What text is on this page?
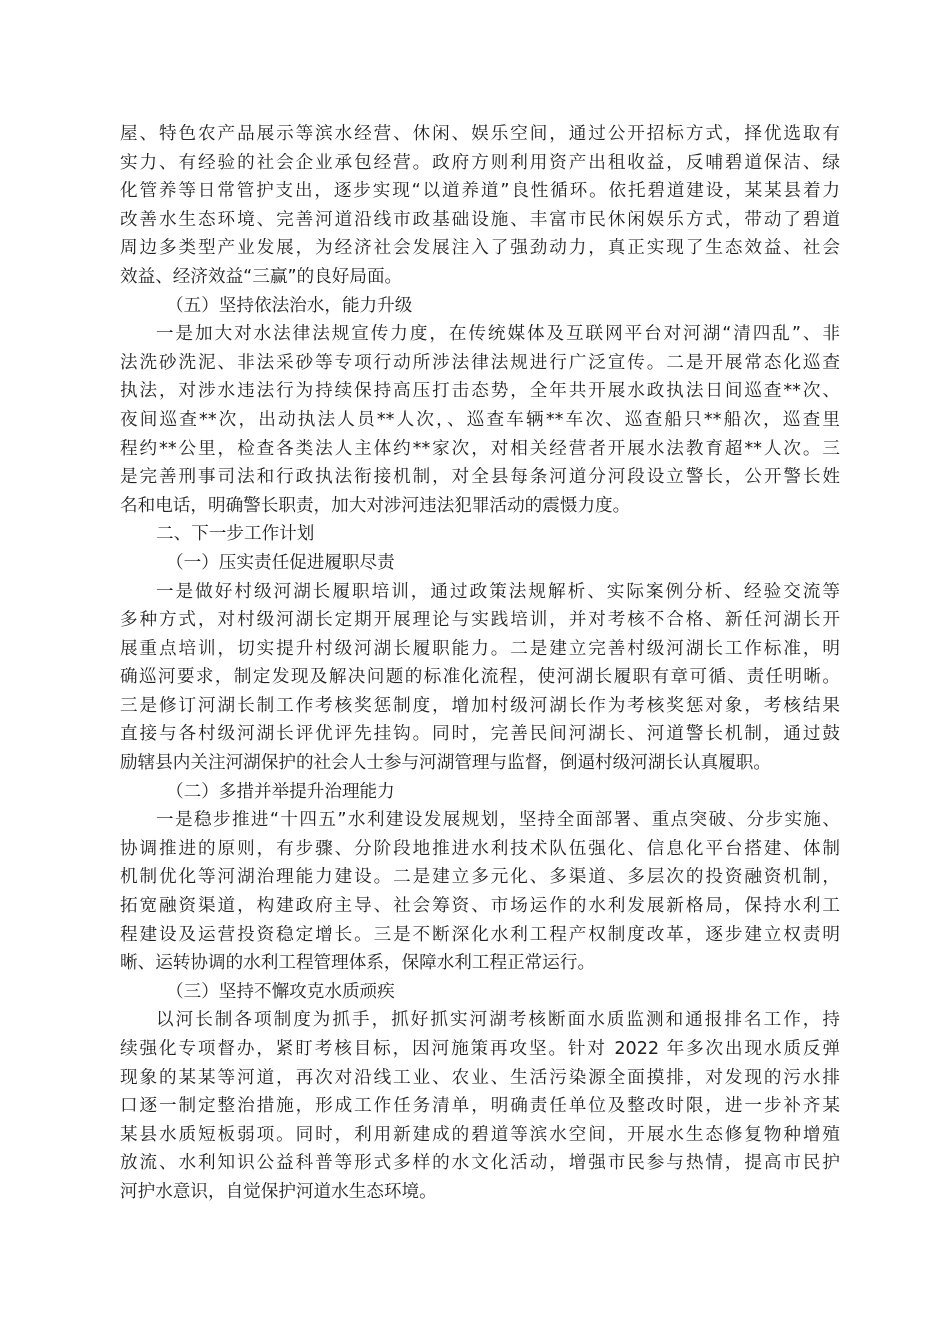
屋、特色农产品展示等滨水经营、休闲、娱乐空间，通过公开招标方式，择优选取有
实力、有经验的社会企业承包经营。政府方则利用资产出租收益，反哺碧道保洁、绿
化管养等日常管护支出，逐步实现“以道养道”良性循环。依托碧道建设，某某县着力
改善水生态环境、完善河道沿线市政基础设施、丰富市民休闲娱乐方式，带动了碧道
周边多类型产业发展，为经济社会发展注入了强劲动力，真正实现了生态效益、社会
效益、经济效益“三赢”的良好局面。
（五）坚持依法治水，能力升级
一是加大对水法律法规宣传力度，在传统媒体及互联网平台对河湖“清四乱”、非
法洗砂洗泥、非法采砂等专项行动所涉法律法规进行广泛宣传。二是开展常态化巡查
执法，对涉水违法行为持续保持高压打击态势，全年共开展水政执法日间巡查**次、
夜间巡查**次，出动执法人员**人次，、巡查车辆**车次、巡查船只**船次，巡查里
程约**公里，检查各类法人主体约**家次，对相关经营者开展水法教育超**人次。三
是完善刑事司法和行政执法衔接机制，对全县每条河道分河段设立警长，公开警长姓
名和电话，明确警长职责，加大对涉河违法犯罪活动的震慑力度。
二、下一步工作计划
（一）压实责任促进履职尽责
一是做好村级河湖长履职培训，通过政策法规解析、实际案例分析、经验交流等
多种方式，对村级河湖长定期开展理论与实践培训，并对考核不合格、新任河湖长开
展重点培训，切实提升村级河湖长履职能力。二是建立完善村级河湖长工作标准，明
确巡河要求，制定发现及解决问题的标准化流程，使河湖长履职有章可循、责任明晰。
三是修订河湖长制工作考核奖惩制度，增加村级河湖长作为考核奖惩对象，考核结果
直接与各村级河湖长评优评先挂钩。同时，完善民间河湖长、河道警长机制，通过鼓
励辖县内关注河湖保护的社会人士参与河湖管理与监督，倒逼村级河湖长认真履职。
（二）多措并举提升治理能力
一是稳步推进“十四五”水利建设发展规划，坚持全面部署、重点突破、分步实施、
协调推进的原则，有步骤、分阶段地推进水利技术队伍强化、信息化平台搭建、体制
机制优化等河湖治理能力建设。二是建立多元化、多渠道、多层次的投资融资机制，
拓宽融资渠道，构建政府主导、社会筹资、市场运作的水利发展新格局，保持水利工
程建设及运营投资稳定增长。三是不断深化水利工程产权制度改革，逐步建立权责明
晰、运转协调的水利工程管理体系，保障水利工程正常运行。
（三）坚持不懈攻克水质顽疾
以河长制各项制度为抓手，抓好抓实河湖考核断面水质监测和通报排名工作，持
续强化专项督办，紧盯考核目标，因河施策再攻坚。针对 2022 年多次出现水质反弹
现象的某某等河道，再次对沿线工业、农业、生活污染源全面摸排，对发现的污水排
口逐一制定整治措施，形成工作任务清单，明确责任单位及整改时限，进一步补齐某
某县水质短板弱项。同时，利用新建成的碧道等滨水空间，开展水生态修复物种增殖
放流、水利知识公益科普等形式多样的水文化活动，增强市民参与热情，提高市民护
河护水意识，自觉保护河道水生态环境。
